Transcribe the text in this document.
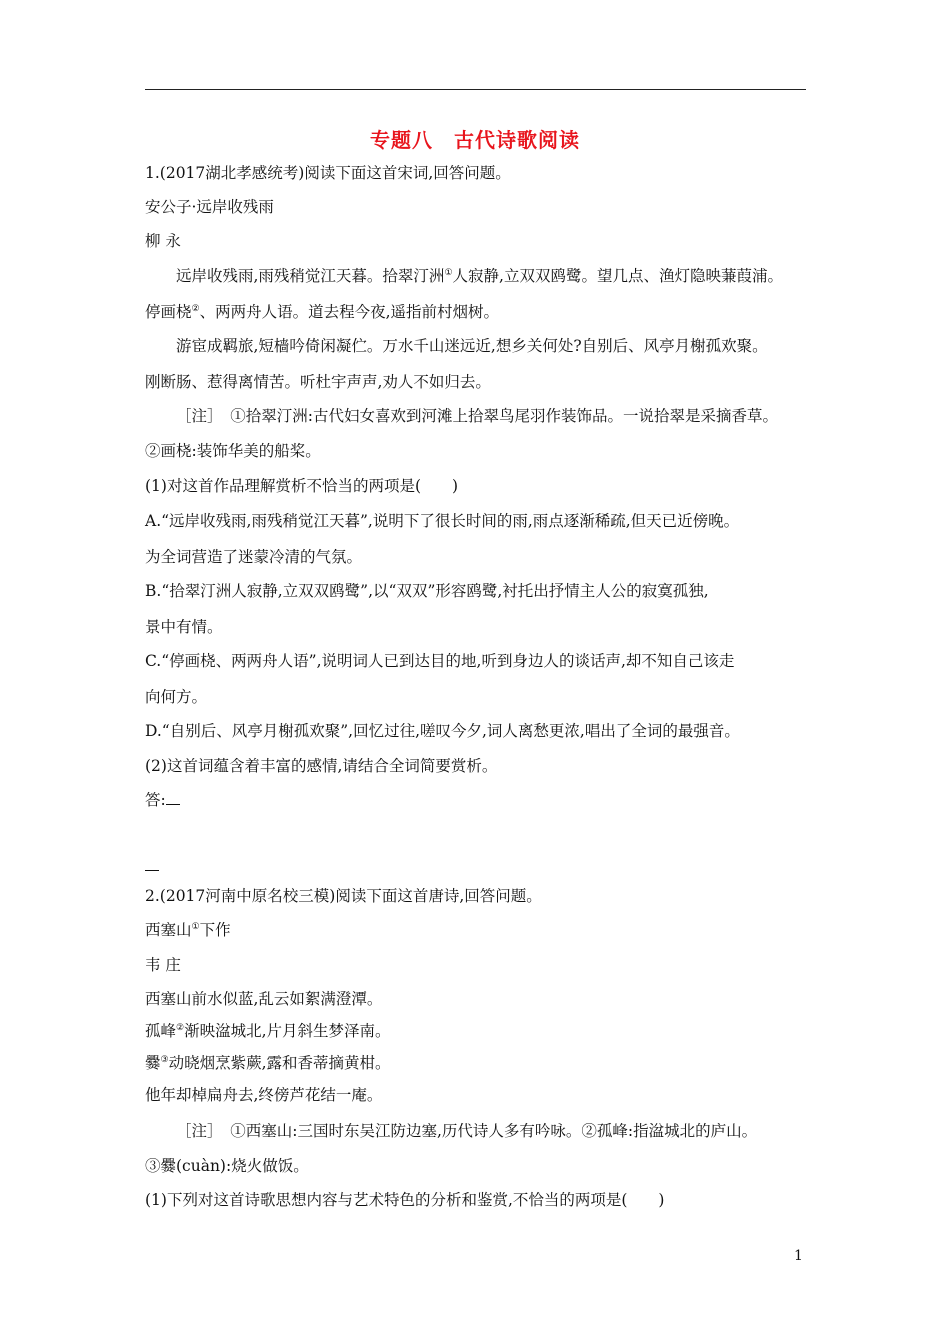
专题八　古代诗歌阅读
1.(2017湖北孝感统考)阅读下面这首宋词,回答问题。
安公子·远岸收残雨
柳 永
远岸收残雨,雨残稍觉江天暮。拾翠汀洲①人寂静,立双双鸥鹭。望几点、渔灯隐映蒹葭浦。
停画桡②、两两舟人语。道去程今夜,遥指前村烟树。
游宦成羁旅,短樯吟倚闲凝伫。万水千山迷远近,想乡关何处?自别后、风亭月榭孤欢聚。
刚断肠、惹得离情苦。听杜宇声声,劝人不如归去。
［注］　①拾翠汀洲:古代妇女喜欢到河滩上拾翠鸟尾羽作装饰品。一说拾翠是采摘香草。
②画桡:装饰华美的船桨。
(1)对这首作品理解赏析不恰当的两项是(　　)
A.“远岸收残雨,雨残稍觉江天暮”,说明下了很长时间的雨,雨点逐渐稀疏,但天已近傍晚。
为全词营造了迷蒙冷清的气氛。
B.“拾翠汀洲人寂静,立双双鸥鹭”,以“双双”形容鸥鹭,衬托出抒情主人公的寂寞孤独,
景中有情。
C.“停画桡、两两舟人语”,说明词人已到达目的地,听到身边人的谈话声,却不知自己该走
向何方。
D.“自别后、风亭月榭孤欢聚”,回忆过往,嗟叹今夕,词人离愁更浓,唱出了全词的最强音。
(2)这首词蕴含着丰富的感情,请结合全词简要赏析。
答:
2.(2017河南中原名校三模)阅读下面这首唐诗,回答问题。
西塞山①下作
韦 庄
西塞山前水似蓝,乱云如絮满澄潭。
孤峰②渐映湓城北,片月斜生梦泽南。
爨③动晓烟烹紫蕨,露和香蒂摘黄柑。
他年却棹扁舟去,终傍芦花结一庵。
［注］　①西塞山:三国时东吴江防边塞,历代诗人多有吟咏。②孤峰:指湓城北的庐山。
③爨(cuàn):烧火做饭。
(1)下列对这首诗歌思想内容与艺术特色的分析和鉴赏,不恰当的两项是(　　)
1
